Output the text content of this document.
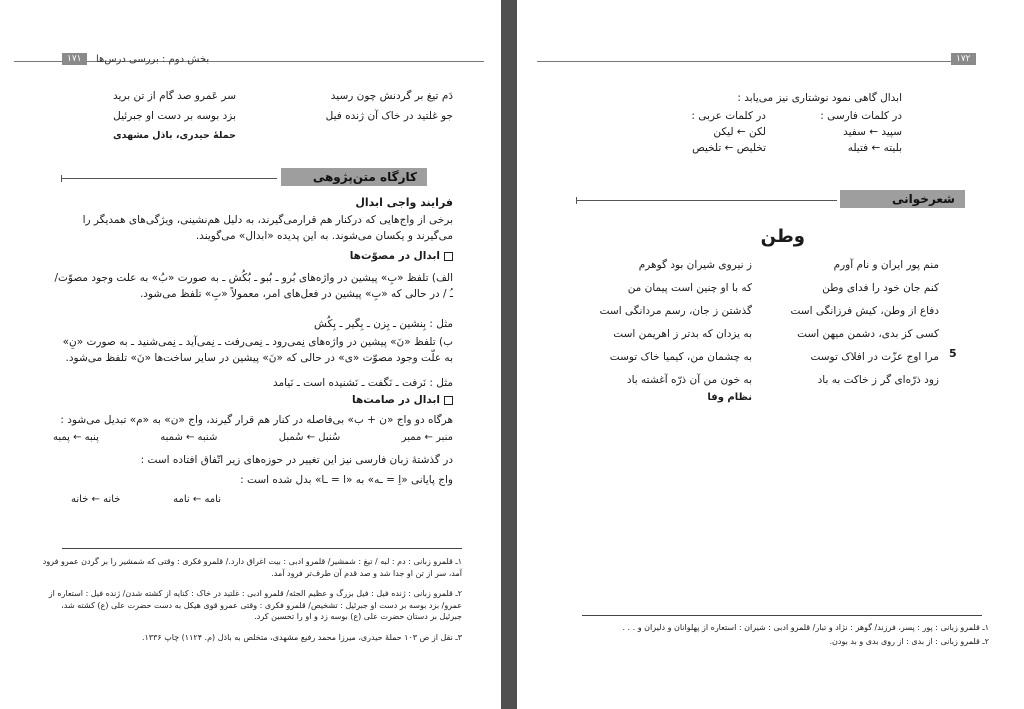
۱۷۱	بخش دوم : بررسی درس‌ها
دَم تیغ بر گردنش چون رسید
سر عَمرو صد گام از تن برید
جو غلتید در خاک آن ژنده فیل
بزد بوسه بر دست او جبرئیل
حملهٔ حیدری، باذل مشهدی
کارگاه متن‌پژوهی
فرایند واجی ابدال
برخی از واج‌هایی که درکنار هم قرارمی‌گیرند، به دلیل هم‌نشینی، ویژگی‌های همدیگر را می‌گیرند و یکسان می‌شوند. به این پدیده «ابدال» می‌گویند.
ابدال در مصوّت‌ها
الف) تلفظ «بِ» پیشین در واژه‌های بُرو ـ بُبو ـ بُکُش ـ به صورت «بُ» به علت وجود مصوّت/ ـُ / در حالی که «بِ» پیشین در فعل‌های امر، معمولاً «بِ» تلفظ می‌شود.
مثل : بِنشین ـ بِزن ـ بِگیر ـ بِکُش
ب) تلفظ «نَ» پیشین در واژه‌های نِمی‌رود ـ نِمی‌رفت ـ نِمی‌آید ـ نِمی‌شنید ـ به صورت «نِ» به علّت وجود مصوّت «ی» در حالی که «نَ» پیشین در سایر ساخت‌ها «نَ» تلفظ می‌شود.
مثل : نَرفت ـ نَگفت ـ نَشنیده است ـ نَیامد
ابدال در صامت‌ها
هرگاه دو واج «ن + ب» بی‌فاصله در کنار هم قرار گیرند، واج «ن» به «م» تبدیل می‌شود :
منبر ← ممبر
سُنبل ← سُمبل
شنبه ← شمبه
پنبه ← پمبه
در گذشتهٔ زبان فارسی نیز این تغییر در حوزه‌های زیر اتّفاق افتاده است :
واج پایانی «اِ = ـه» به «ا = ـا» بدل شده است :
نامه ← نامه
خانه ← خانه
۱ـ قلمرو زبانی : دم : لبه / تیغ : شمشیر/ قلمرو ادبی : بیت اغراق دارد./ قلمرو فکری : وقتی که شمشیر را بر گردن عمرو فرود آمد، سر از تن او جدا شد و صد قدم آن طرف‌تر فرود آمد.
۲ـ قلمرو زبانی : ژنده فیل : فیل بزرگ و عظیم الجثه/ قلمرو ادبی : غلتید در خاک : کنایه از کشته شدن/ ژنده فیل : استعاره از عمرو/ بزد بوسه بر دست او جبرئیل : تشخیص/ قلمرو فکری : وقتی عمرو قوی هیکل به دست حضرت علی (ع) کشته شد، جبرئیل بر دستان حضرت علی (ع) بوسه زد و او را تحسین کرد.
۳ـ نقل از ص ۱۰۳ حملهٔ حیدری، میرزا محمد رفیع مشهدی، متخلص به باذل (م. ۱۱۲۴) چاپ ۱۳۳۶.
۱۷۲
ابدال گاهی نمود نوشتاری نیز می‌یابد :
در کلمات فارسی :
سپید ← سفید
بلیته ← فتیله
در کلمات عربی :
لکن ← لیکن
تخلیص ← تلخیص
شعرخوانی
وطن
منم پور ایران و نام آورم
کنم جان خود را فدای وطن
دفاع از وطن، کیش فرزانگی است
کسی کز بدی، دشمن میهن است
مرا اوج عزّت در افلاک توست
زود ذرّه‌ای گر ز خاکت به باد
5
ز نیروی شیران بود گوهرم
که با او چنین است پیمان من
گذشتن ز جان، رسم مردانگی است
به یزدان که بدتر ز اهریمن است
به چشمان من، کیمیا خاک توست
به خون من آن ذرّه آغشته باد
نظام وفا
۱ـ قلمرو زبانی : پور : پسر، فرزند/ گوهر : نژاد و تبار/ قلمرو ادبی : شیران : استعاره از پهلوانان و دلیران و . . .
۲ـ قلمرو زبانی : از بدی : از روی بدی و بد بودن.
